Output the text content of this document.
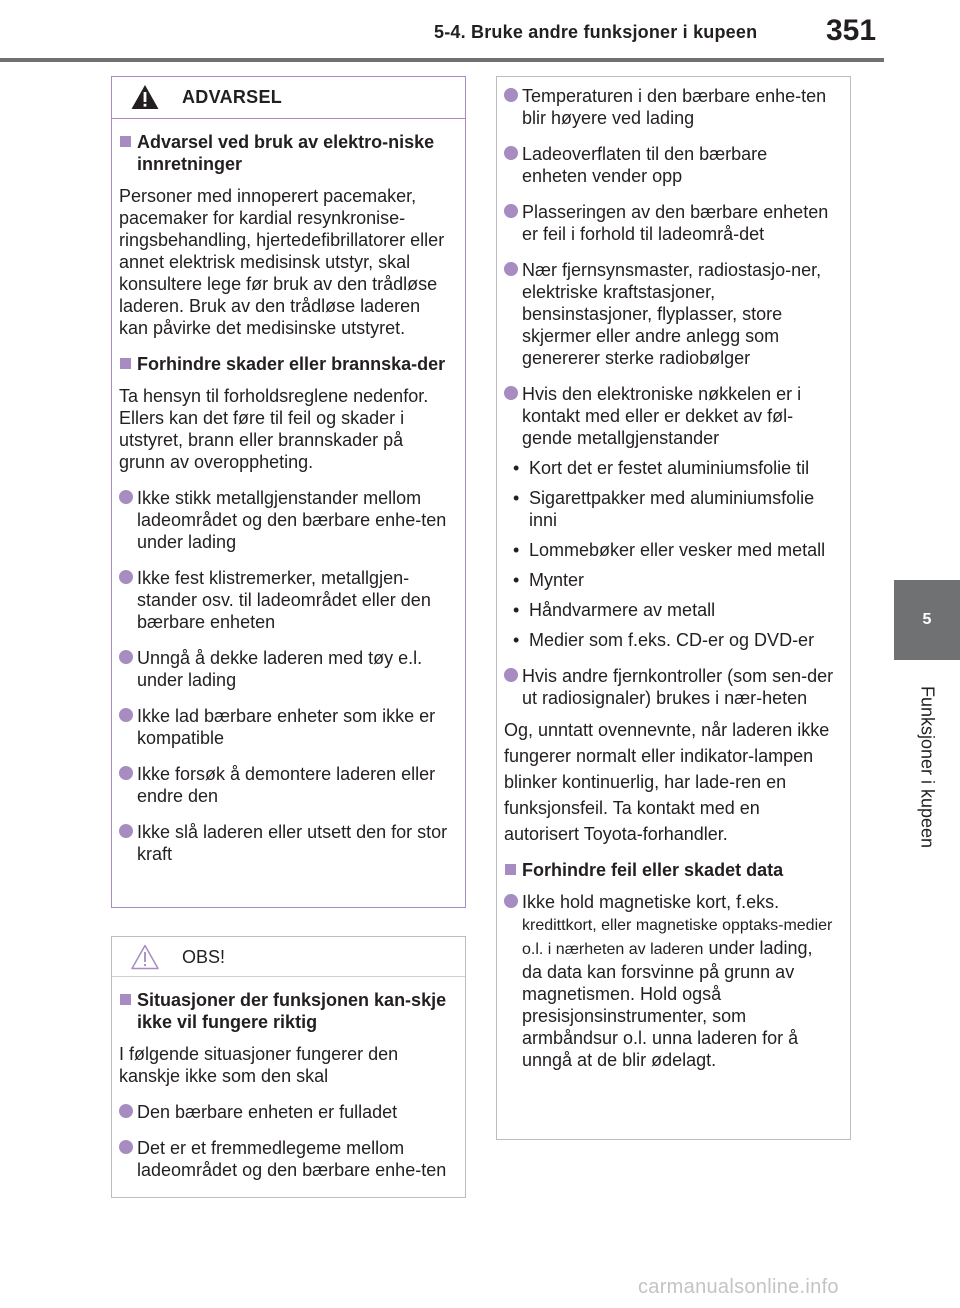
5-4. Bruke andre funksjoner i kupeen 351
5
Funksjoner i kupeen
ADVARSEL
Advarsel ved bruk av elektro-niske innretninger
Personer med innoperert pacemaker, pacemaker for kardial resynkronise-ringsbehandling, hjertedefibrillatorer eller annet elektrisk medisinsk utstyr, skal konsultere lege før bruk av den trådløse laderen. Bruk av den trådløse laderen kan påvirke det medisinske utstyret.
Forhindre skader eller brannska-der
Ta hensyn til forholdsreglene nedenfor. Ellers kan det føre til feil og skader i utstyret, brann eller brannskader på grunn av overoppheting.
Ikke stikk metallgjenstander mellom ladeområdet og den bærbare enhe-ten under lading
Ikke fest klistremerker, metallgjen-stander osv. til ladeområdet eller den bærbare enheten
Unngå å dekke laderen med tøy e.l. under lading
Ikke lad bærbare enheter som ikke er kompatible
Ikke forsøk å demontere laderen eller endre den
Ikke slå laderen eller utsett den for stor kraft
OBS!
Situasjoner der funksjonen kan-skje ikke vil fungere riktig
I følgende situasjoner fungerer den kanskje ikke som den skal
Den bærbare enheten er fulladet
Det er et fremmedlegeme mellom ladeområdet og den bærbare enhe-ten
Temperaturen i den bærbare enhe-ten blir høyere ved lading
Ladeoverflaten til den bærbare enheten vender opp
Plasseringen av den bærbare enheten er feil i forhold til ladeområ-det
Nær fjernsynsmaster, radiostasjo-ner, elektriske kraftstasjoner, bensinstasjoner, flyplasser, store skjermer eller andre anlegg som genererer sterke radiobølger
Hvis den elektroniske nøkkelen er i kontakt med eller er dekket av føl-gende metallgjenstander
• Kort det er festet aluminiumsfolie til
• Sigarettpakker med aluminiumsfolie inni
• Lommebøker eller vesker med metall
• Mynter
• Håndvarmere av metall
• Medier som f.eks. CD-er og DVD-er
Hvis andre fjernkontroller (som sen-der ut radiosignaler) brukes i nær-heten
Og, unntatt ovennevnte, når laderen ikke fungerer normalt eller indikator-lampen blinker kontinuerlig, har lade-ren en funksjonsfeil. Ta kontakt med en autorisert Toyota-forhandler.
Forhindre feil eller skadet data
Ikke hold magnetiske kort, f.eks. kredittkort, eller magnetiske opptaks-medier o.l. i nærheten av laderen under lading, da data kan forsvinne på grunn av magnetismen. Hold også presisjonsinstrumenter, som armbåndsur o.l. unna laderen for å unngå at de blir ødelagt.
carmanualsonline.info
